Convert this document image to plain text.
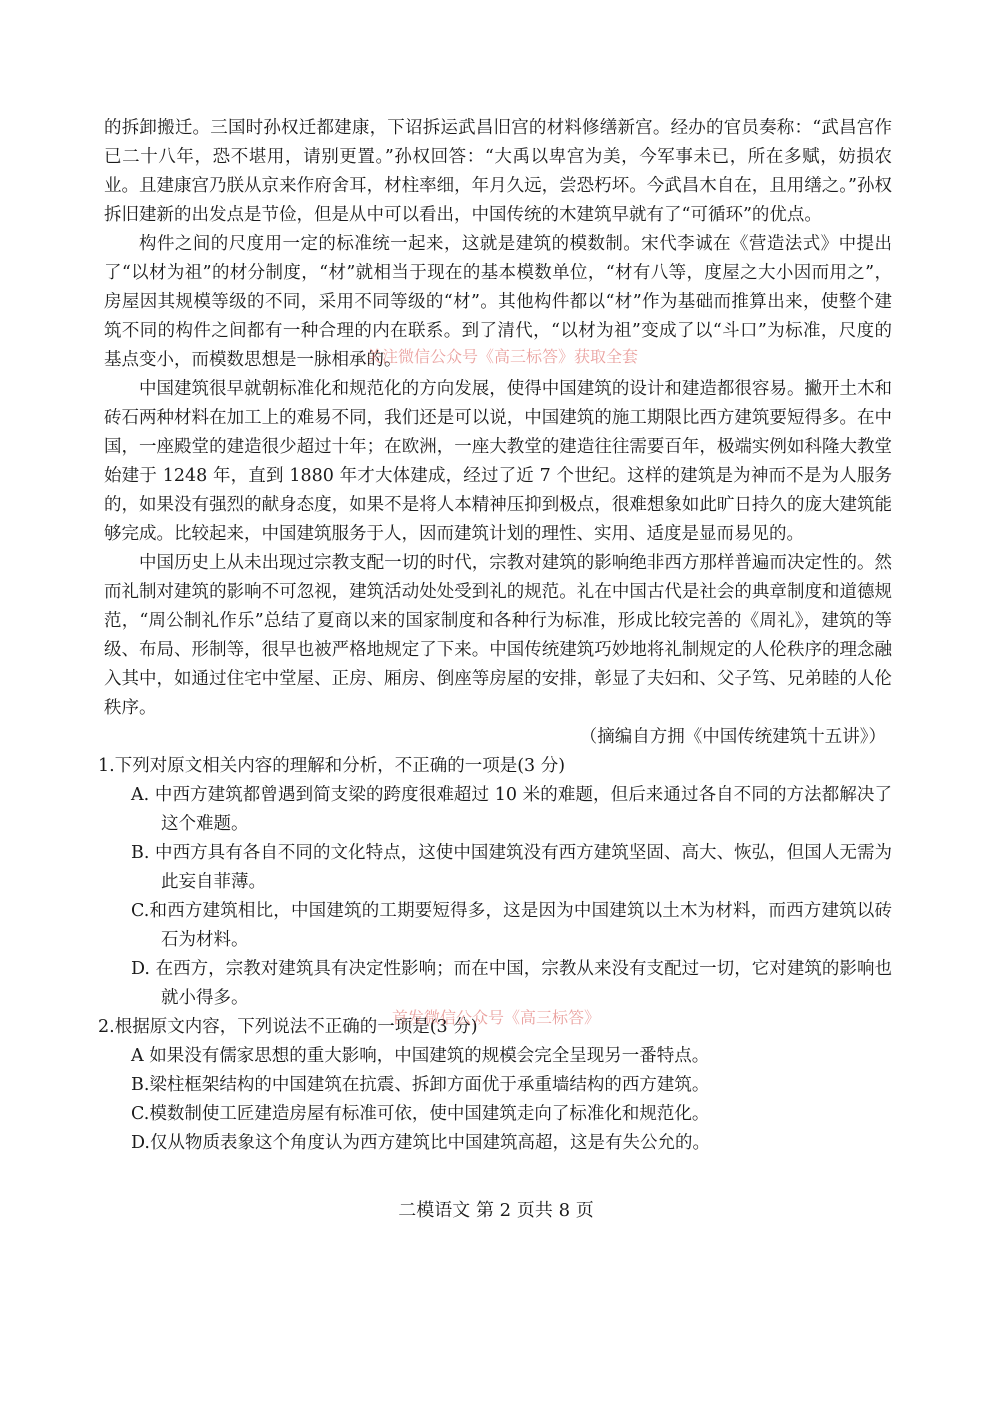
的拆卸搬迁。三国时孙权迁都建康，下诏拆运武昌旧宫的材料修缮新宫。经办的官员奏称：“武昌宫作已二十八年，恐不堪用，请别更置。”孙权回答：“大禹以卑宫为美，今军事未已，所在多赋，妨损农业。且建康宫乃朕从京来作府舍耳，材柱率细，年月久远，尝恐朽坏。今武昌木自在，且用缮之。”孙权拆旧建新的出发点是节俭，但是从中可以看出，中国传统的木建筑早就有了“可循环”的优点。

构件之间的尺度用一定的标准统一起来，这就是建筑的模数制。宋代李诚在《营造法式》中提出了“以材为祖”的材分制度，“材”就相当于现在的基本模数单位，“材有八等，度屋之大小因而用之”，房屋因其规模等级的不同，采用不同等级的“材”。其他构件都以“材”作为基础而推算出来，使整个建筑不同的构件之间都有一种合理的内在联系。到了清代，“以材为祖”变成了以“斗口”为标准，尺度的基点变小，而模数思想是一脉相承的。

中国建筑很早就朝标准化和规范化的方向发展，使得中国建筑的设计和建造都很容易。撇开土木和砖石两种材料在加工上的难易不同，我们还是可以说，中国建筑的施工期限比西方建筑要短得多。在中国，一座殿堂的建造很少超过十年；在欧洲，一座大教堂的建造往往需要百年，极端实例如科隆大教堂始建于 1248 年，直到 1880 年才大体建成，经过了近 7 个世纪。这样的建筑是为神而不是为人服务的，如果没有强烈的献身态度，如果不是将人本精神压抑到极点，很难想象如此旷日持久的庞大建筑能够完成。比较起来，中国建筑服务于人，因而建筑计划的理性、实用、适度是显而易见的。

中国历史上从未出现过宗教支配一切的时代，宗教对建筑的影响绝非西方那样普遍而决定性的。然而礼制对建筑的影响不可忽视，建筑活动处处受到礼的规范。礼在中国古代是社会的典章制度和道德规范，“周公制礼作乐”总结了夏商以来的国家制度和各种行为标准，形成比较完善的《周礼》，建筑的等级、布局、形制等，很早也被严格地规定了下来。中国传统建筑巧妙地将礼制规定的人伦秩序的理念融入其中，如通过住宅中堂屋、正房、厢房、倒座等房屋的安排，彰显了夫妇和、父子笃、兄弟睦的人伦秩序。

（摘编自方拥《中国传统建筑十五讲》）

1.下列对原文相关内容的理解和分析，不正确的一项是(3 分)

A. 中西方建筑都曾遇到简支梁的跨度很难超过 10 米的难题，但后来通过各自不同的方法都解决了这个难题。

B. 中西方具有各自不同的文化特点，这使中国建筑没有西方建筑坚固、高大、恢弘，但国人无需为此妄自菲薄。

C.和西方建筑相比，中国建筑的工期要短得多，这是因为中国建筑以土木为材料，而西方建筑以砖石为材料。

D. 在西方，宗教对建筑具有决定性影响；而在中国，宗教从来没有支配过一切，它对建筑的影响也就小得多。

2.根据原文内容，下列说法不正确的一项是(3 分)

A 如果没有儒家思想的重大影响，中国建筑的规模会完全呈现另一番特点。

B.梁柱框架结构的中国建筑在抗震、拆卸方面优于承重墙结构的西方建筑。

C.模数制使工匠建造房屋有标准可依，使中国建筑走向了标准化和规范化。

D.仅从物质表象这个角度认为西方建筑比中国建筑高超，这是有失公允的。

关注微信公众号《高三标答》获取全套
首发微信公众号《高三标答》
二模语文 第 2 页共 8 页
